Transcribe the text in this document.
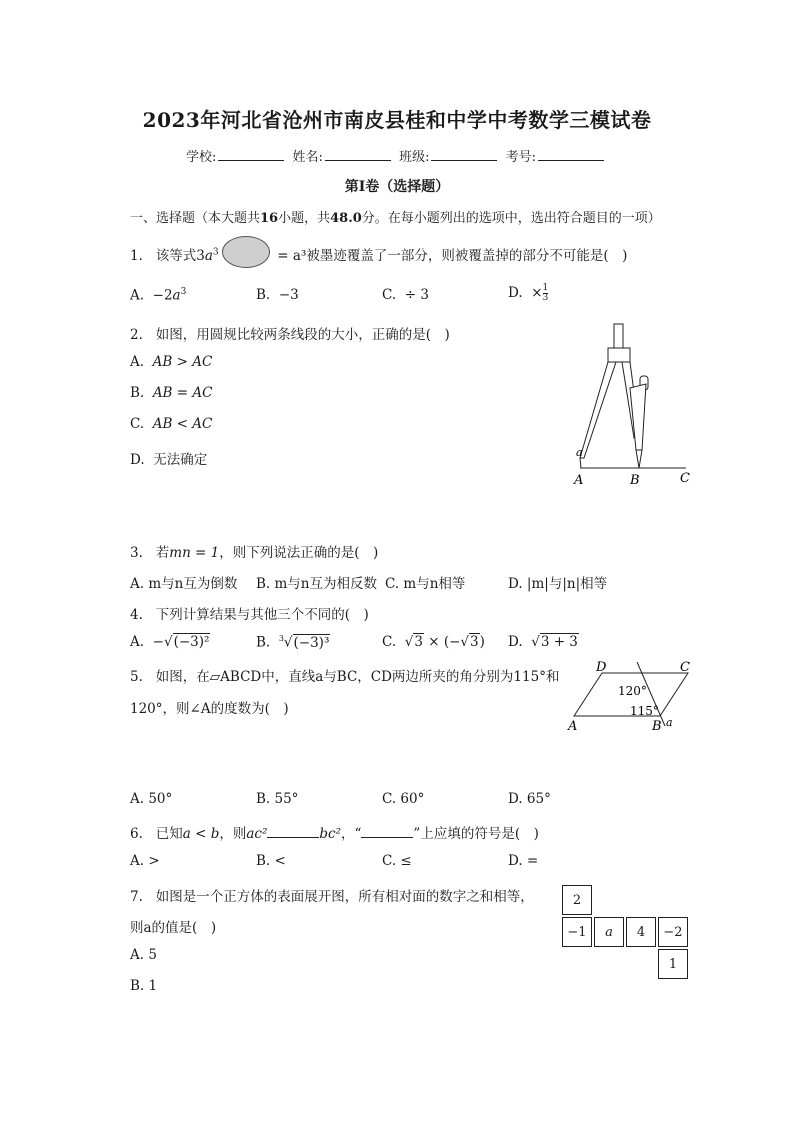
2023年河北省沧州市南皮县桂和中学中考数学三模试卷
学校:	姓名:	班级:	考号:
第Ⅰ卷（选择题）
一、选择题（本大题共16小题，共48.0分。在每小题列出的选项中，选出符合题目的一项）
1. 该等式$3a^3$	= a³被墨迹覆盖了一部分，则被覆盖掉的部分不可能是(　)
A. $-2a^3$	B. −3	C. ÷ 3	D. × $\frac{1}{3}$
2. 如图，用圆规比较两条线段的大小，正确的是(　)
A. AB > AC
B. AB = AC
C. AB < AC
D. 无法确定	a
A	B	C
3. 若mn = 1，则下列说法正确的是(　)
A. m与n互为倒数 B. m与n互为相反数 C. m与n相等	D. |m|与|n|相等
4. 下列计算结果与其他三个不同的(　)
A. −√(−3)²	B. $^3$√(−3)³	C.  √3 × (−√3) D.  √3 + 3
5. 如图，在▱ABCD中，直线a与BC，CD两边所夹的角分别为115°和
120°，则∠A的度数为(　)
D	C
A	B a
120°
115°
A. 50°	B. 55°	C. 60°	D. 65°
6. 已知a < b，则ac²	bc²，“	”上应填的符号是(　)
A. >	B. <	C. ≤	D. =
7. 如图是一个正方体的表面展开图，所有相对面的数字之和相等，
则a的值是(　)
A. 5
B. 1
2
−1	a	4	−2
1
